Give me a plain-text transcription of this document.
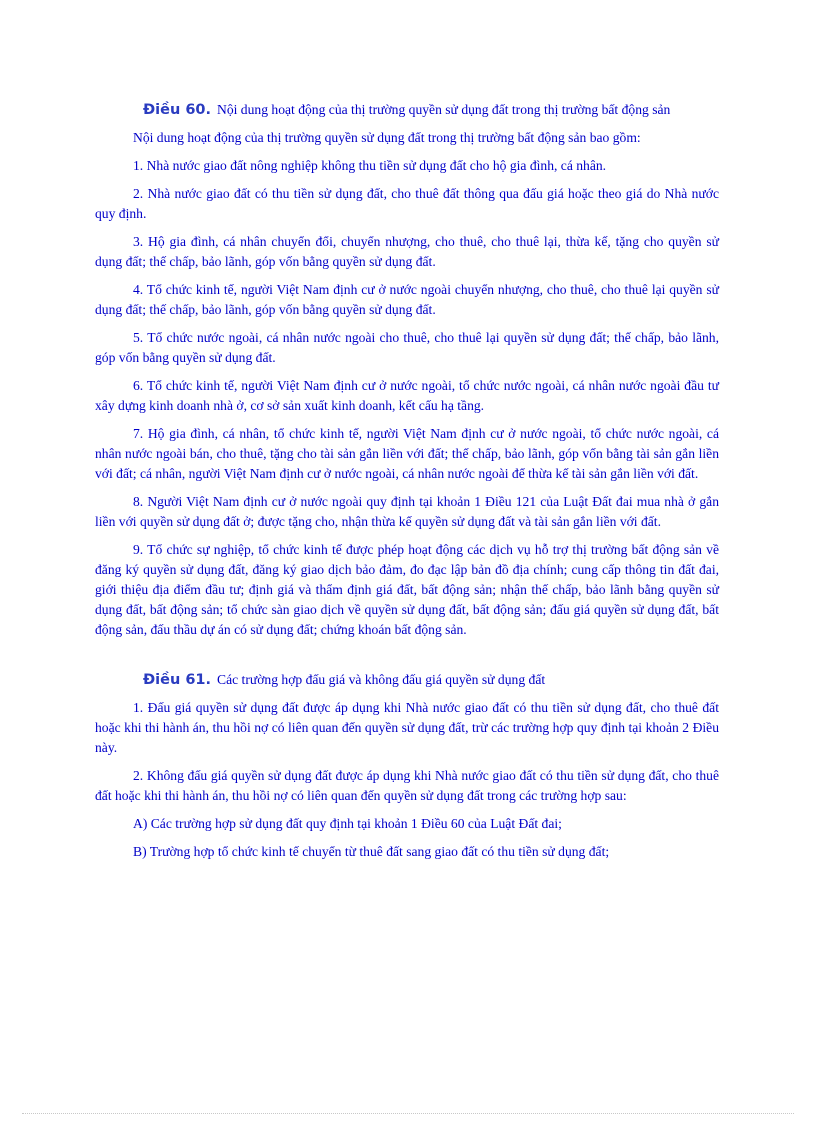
Điều 60. Nội dung hoạt động của thị trường quyền sử dụng đất trong thị trường bất động sản

Nội dung hoạt động của thị trường quyền sử dụng đất trong thị trường bất động sản bao gồm:

1. Nhà nước giao đất nông nghiệp không thu tiền sử dụng đất cho hộ gia đình, cá nhân.

2. Nhà nước giao đất có thu tiền sử dụng đất, cho thuê đất thông qua đấu giá hoặc theo giá do Nhà nước quy định.

3. Hộ gia đình, cá nhân chuyển đổi, chuyển nhượng, cho thuê, cho thuê lại, thừa kế, tặng cho quyền sử dụng đất; thế chấp, bảo lãnh, góp vốn bằng quyền sử dụng đất.

4. Tổ chức kinh tế, người Việt Nam định cư ở nước ngoài chuyển nhượng, cho thuê, cho thuê lại quyền sử dụng đất; thế chấp, bảo lãnh, góp vốn bằng quyền sử dụng đất.

5. Tổ chức nước ngoài, cá nhân nước ngoài cho thuê, cho thuê lại quyền sử dụng đất; thế chấp, bảo lãnh, góp vốn bằng quyền sử dụng đất.

6. Tổ chức kinh tế, người Việt Nam định cư ở nước ngoài, tổ chức nước ngoài, cá nhân nước ngoài đầu tư xây dựng kinh doanh nhà ở, cơ sở sản xuất kinh doanh, kết cấu hạ tầng.

7. Hộ gia đình, cá nhân, tổ chức kinh tế, người Việt Nam định cư ở nước ngoài, tổ chức nước ngoài, cá nhân nước ngoài bán, cho thuê, tặng cho tài sản gắn liền với đất; thế chấp, bảo lãnh, góp vốn bằng tài sản gắn liền với đất; cá nhân, người Việt Nam định cư ở nước ngoài, cá nhân nước ngoài để thừa kế tài sản gắn liền với đất.

8. Người Việt Nam định cư ở nước ngoài quy định tại khoản 1 Điều 121 của Luật Đất đai mua nhà ở gắn liền với quyền sử dụng đất ở; được tặng cho, nhận thừa kế quyền sử dụng đất và tài sản gắn liền với đất.

9. Tổ chức sự nghiệp, tổ chức kinh tế được phép hoạt động các dịch vụ hỗ trợ thị trường bất động sản về đăng ký quyền sử dụng đất, đăng ký giao dịch bảo đảm, đo đạc lập bản đồ địa chính; cung cấp thông tin đất đai, giới thiệu địa điểm đầu tư; định giá và thẩm định giá đất, bất động sản; nhận thế chấp, bảo lãnh bằng quyền sử dụng đất, bất động sản; tổ chức sàn giao dịch về quyền sử dụng đất, bất động sản; đấu giá quyền sử dụng đất, bất động sản, đấu thầu dự án có sử dụng đất; chứng khoán bất động sản.

Điều 61. Các trường hợp đấu giá và không đấu giá quyền sử dụng đất

1. Đấu giá quyền sử dụng đất được áp dụng khi Nhà nước giao đất có thu tiền sử dụng đất, cho thuê đất hoặc khi thi hành án, thu hồi nợ có liên quan đến quyền sử dụng đất, trừ các trường hợp quy định tại khoản 2 Điều này.

2. Không đấu giá quyền sử dụng đất được áp dụng khi Nhà nước giao đất có thu tiền sử dụng đất, cho thuê đất hoặc khi thi hành án, thu hồi nợ có liên quan đến quyền sử dụng đất trong các trường hợp sau:

A) Các trường hợp sử dụng đất quy định tại khoản 1 Điều 60 của Luật Đất đai;

B) Trường hợp tổ chức kinh tế chuyển từ thuê đất sang giao đất có thu tiền sử dụng đất;
